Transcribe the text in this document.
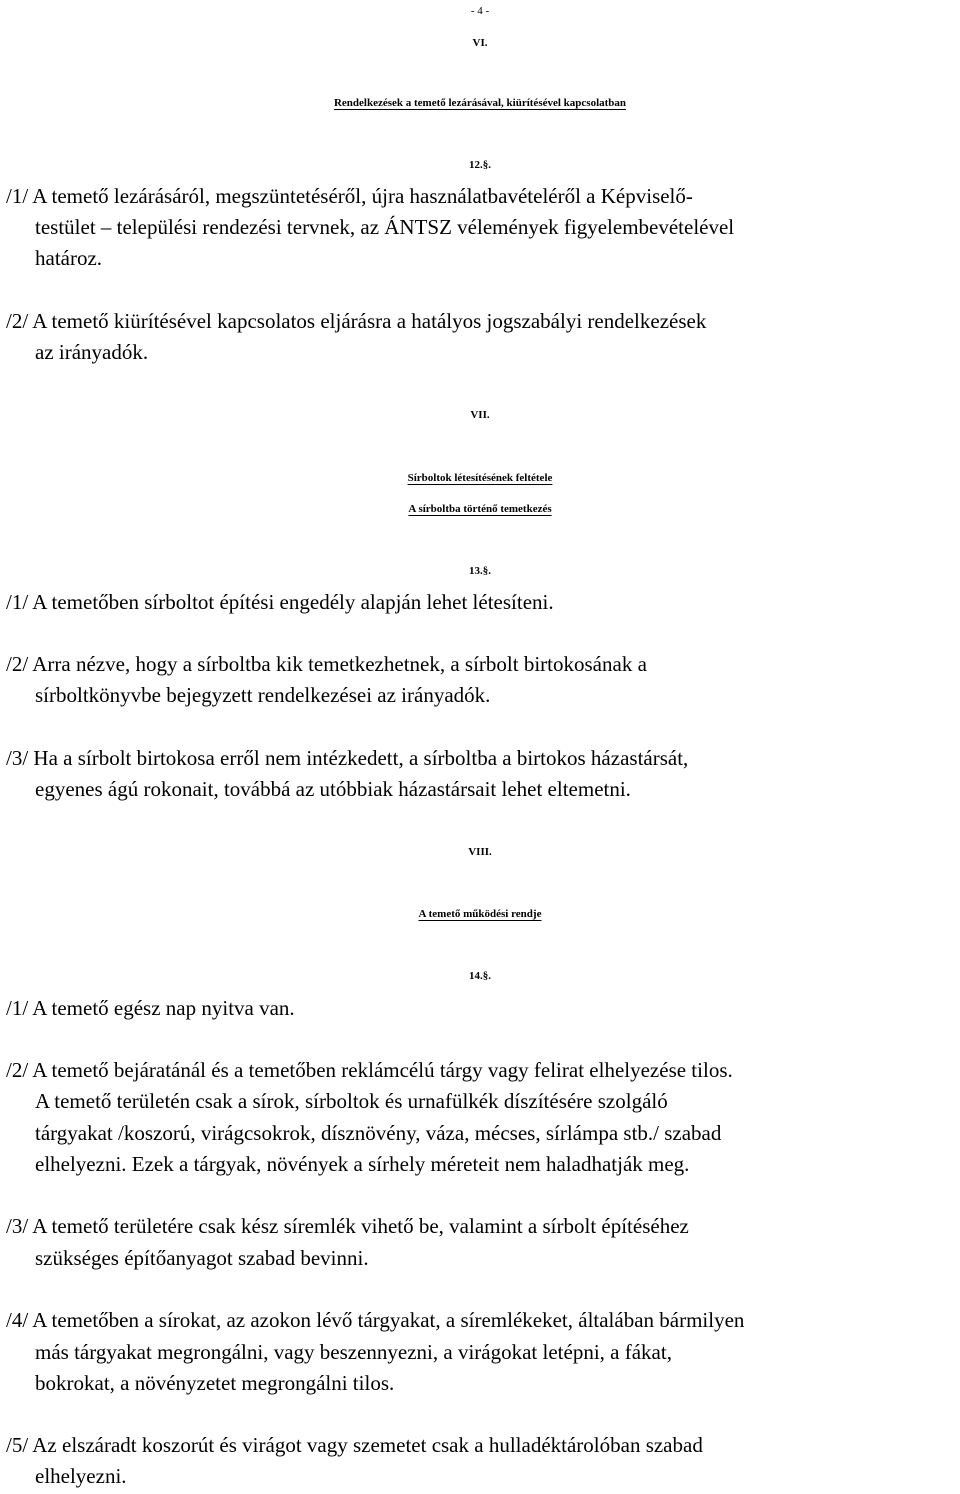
- 4 -
VI.
Rendelkezések a temető lezárásával, kiürítésével kapcsolatban
12.§.
/1/ A temető lezárásáról, megszüntetéséről, újra használatbavételéről a Képviselő-
testület – települési rendezési tervnek, az ÁNTSZ vélemények figyelembevételével
határoz.
/2/ A temető kiürítésével kapcsolatos eljárásra a hatályos jogszabályi rendelkezések
az irányadók.
VII.
Sírboltok létesítésének feltétele
A sírboltba történő temetkezés
13.§.
/1/ A temetőben sírboltot építési engedély alapján lehet létesíteni.
/2/ Arra nézve, hogy a sírboltba kik temetkezhetnek, a sírbolt birtokosának a
sírboltkönyvbe bejegyzett rendelkezései az irányadók.
/3/ Ha a sírbolt birtokosa erről nem intézkedett, a sírboltba a birtokos házastársát,
egyenes ágú rokonait, továbbá az utóbbiak házastársait lehet eltemetni.
VIII.
A temető működési rendje
14.§.
/1/ A temető egész nap nyitva van.
/2/ A temető bejáratánál és a temetőben reklámcélú tárgy vagy felirat elhelyezése tilos.
A temető területén csak a sírok, sírboltok és urnafülkék díszítésére szolgáló
tárgyakat /koszorú, virágcsokrok, dísznövény, váza, mécses, sírlámpa stb./ szabad
elhelyezni. Ezek a tárgyak, növények a sírhely méreteit nem haladhatják meg.
/3/ A temető területére csak kész síremlék vihető be, valamint a sírbolt építéséhez
szükséges építőanyagot szabad bevinni.
/4/ A temetőben a sírokat, az azokon lévő tárgyakat, a síremlékeket, általában bármilyen
más tárgyakat megrongálni, vagy beszennyezni, a virágokat letépni, a fákat,
bokrokat, a növényzetet megrongálni tilos.
/5/ Az elszáradt koszorút és virágot vagy szemetet csak a hulladéktárolóban szabad
elhelyezni.
